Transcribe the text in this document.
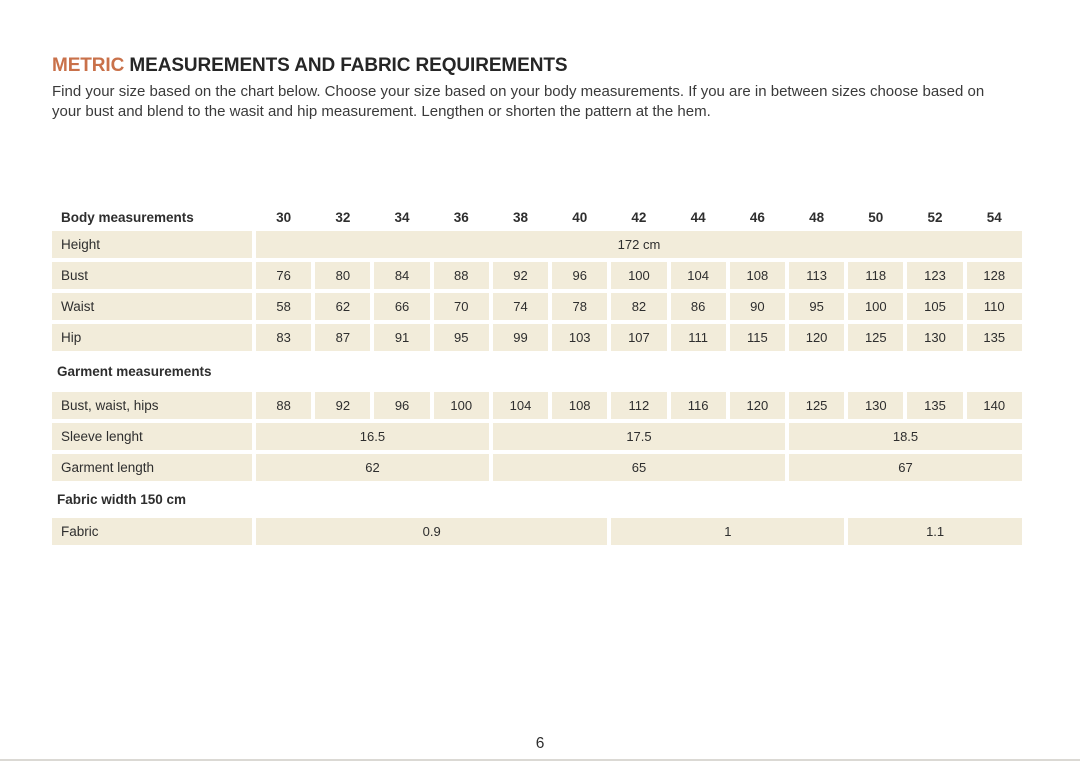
METRIC MEASUREMENTS AND FABRIC REQUIREMENTS

Find your size based on the chart below. Choose your size based on your body measurements. If you are in between sizes choose based on your bust and blend to the wasit and hip measurement. Lengthen or shorten the pattern at the hem.

Body measurements	30	32	34	36	38	40	42	44	46	48	50	52	54
Height	172 cm
Bust	76	80	84	88	92	96	100	104	108	113	118	123	128
Waist	58	62	66	70	74	78	82	86	90	95	100	105	110
Hip	83	87	91	95	99	103	107	111	115	120	125	130	135
Garment measurements
Bust, waist, hips	88	92	96	100	104	108	112	116	120	125	130	135	140
Sleeve lenght	16.5	17.5	18.5
Garment length	62	65	67
Fabric width 150 cm
Fabric	0.9	1	1.1
6
